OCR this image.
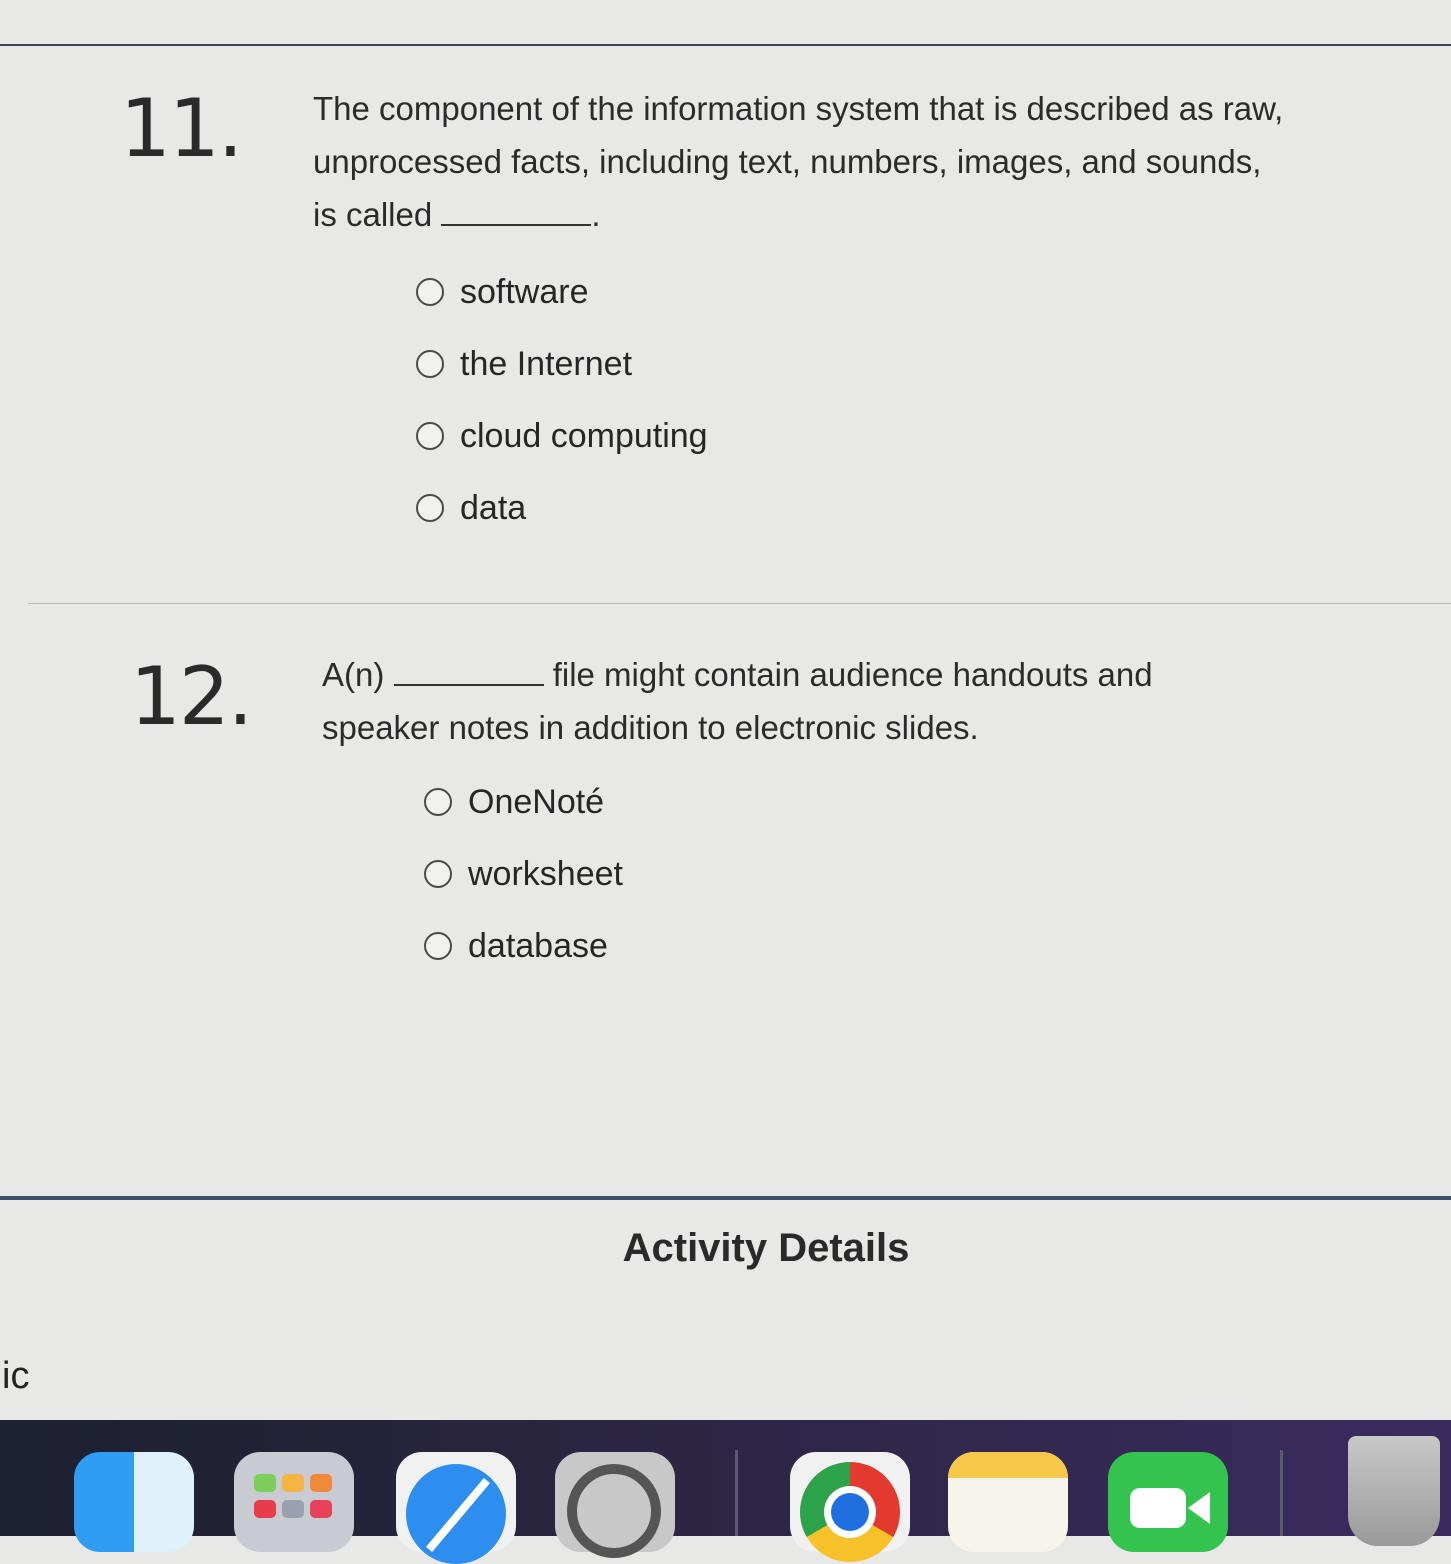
11. The component of the information system that is described as raw, unprocessed facts, including text, numbers, images, and sounds, is called	.
software
the Internet
cloud computing
data
12. A(n)	file might contain audience handouts and speaker notes in addition to electronic slides.
OneNoté
worksheet
database
Activity Details
ic
